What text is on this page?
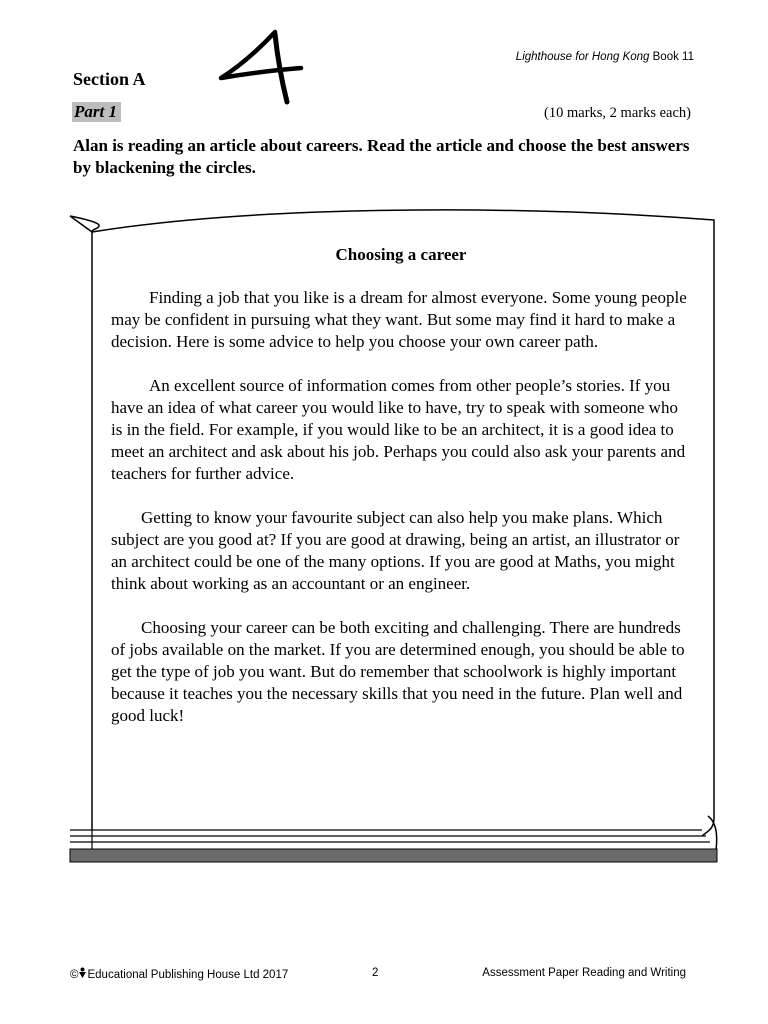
Lighthouse for Hong Kong Book 11
Section A
Part 1	(10 marks, 2 marks each)
Alan is reading an article about careers. Read the article and choose the best answers by blackening the circles.
Choosing a career

Finding a job that you like is a dream for almost everyone. Some young people may be confident in pursuing what they want. But some may find it hard to make a decision. Here is some advice to help you choose your own career path.

An excellent source of information comes from other people’s stories. If you have an idea of what career you would like to have, try to speak with someone who is in the field. For example, if you would like to be an architect, it is a good idea to meet an architect and ask about his job. Perhaps you could also ask your parents and teachers for further advice.

Getting to know your favourite subject can also help you make plans. Which subject are you good at? If you are good at drawing, being an artist, an illustrator or an architect could be one of the many options. If you are good at Maths, you might think about working as an accountant or an engineer.

Choosing your career can be both exciting and challenging. There are hundreds of jobs available on the market. If you are determined enough, you should be able to get the type of job you want. But do remember that schoolwork is highly important because it teaches you the necessary skills that you need in the future. Plan well and good luck!

© Educational Publishing House Ltd 2017	2	Assessment Paper Reading and Writing
